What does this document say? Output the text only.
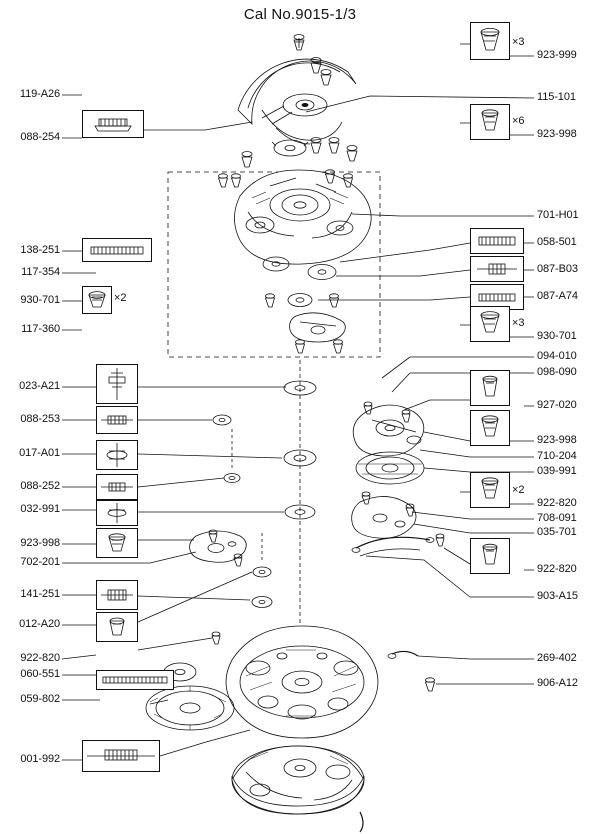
Cal No.9015-1/3
119-A26
088-254
138-251
117-354
930-701
117-360
023-A21
088-253
017-A01
088-252
032-991
923-998
702-201
141-251
012-A20
922-820
060-551
059-802
001-992
923-999
115-101
923-998
701-H01
058-501
087-B03
087-A74
930-701
094-010
098-090
927-020
923-998
710-204
039-991
922-820
708-091
035-701
922-820
903-A15
269-402
906-A12
×3
×6
×2
×3
×2
